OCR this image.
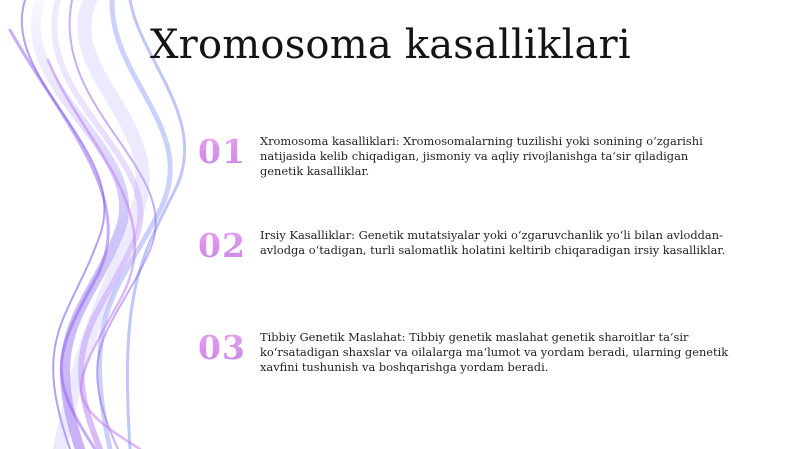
Xromosoma kasalliklari
01 Xromosoma kasalliklari: Xromosomalarning tuzilishi yoki sonining o‘zgarishi natijasida kelib chiqadigan, jismoniy va aqliy rivojlanishga ta‘sir qiladigan genetik kasalliklar.
02 Irsiy Kasalliklar: Genetik mutatsiyalar yoki o‘zgaruvchanlik yo‘li bilan avloddan-avlodga o‘tadigan, turli salomatlik holatini keltirib chiqaradigan irsiy kasalliklar.
03 Tibbiy Genetik Maslahat: Tibbiy genetik maslahat genetik sharoitlar ta‘sir ko‘rsatadigan shaxslar va oilalarga ma‘lumot va yordam beradi, ularning genetik xavfini tushunish va boshqarishga yordam beradi.
